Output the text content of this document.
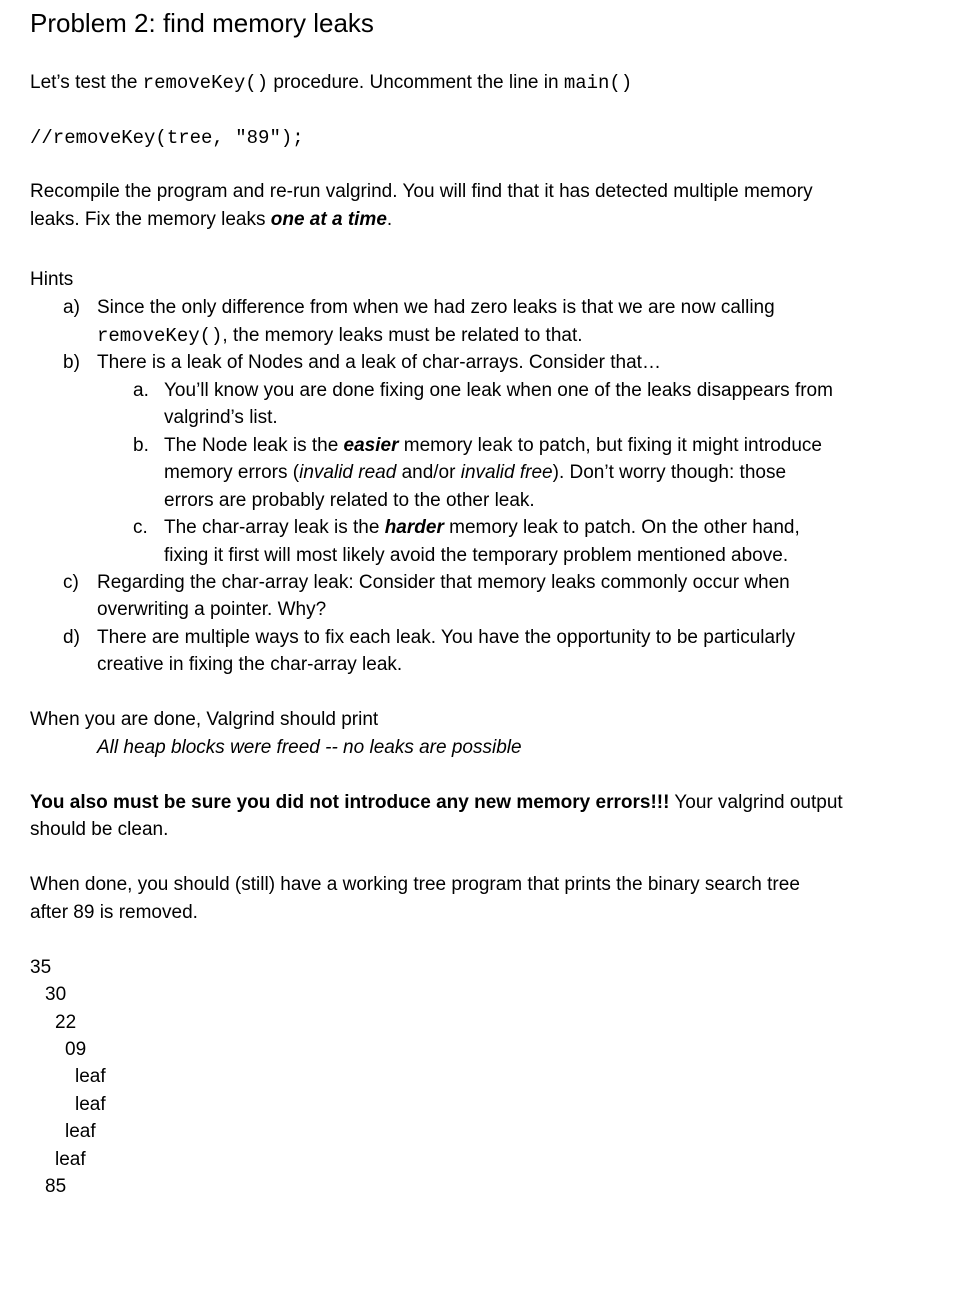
Problem 2: find memory leaks
Let’s test the removeKey() procedure. Uncomment the line in main()
//removeKey(tree, "89");
Recompile the program and re-run valgrind. You will find that it has detected multiple memory
leaks. Fix the memory leaks one at a time.
Hints
a) Since the only difference from when we had zero leaks is that we are now calling
removeKey(), the memory leaks must be related to that.
b) There is a leak of Nodes and a leak of char-arrays. Consider that…
a. You’ll know you are done fixing one leak when one of the leaks disappears from
valgrind’s list.
b. The Node leak is the easier memory leak to patch, but fixing it might introduce
memory errors (invalid read and/or invalid free). Don’t worry though: those
errors are probably related to the other leak.
c. The char-array leak is the harder memory leak to patch. On the other hand,
fixing it first will most likely avoid the temporary problem mentioned above.
c) Regarding the char-array leak: Consider that memory leaks commonly occur when
overwriting a pointer. Why?
d) There are multiple ways to fix each leak. You have the opportunity to be particularly
creative in fixing the char-array leak.
When you are done, Valgrind should print
All heap blocks were freed -- no leaks are possible
You also must be sure you did not introduce any new memory errors!!! Your valgrind output
should be clean.
When done, you should (still) have a working tree program that prints the binary search tree
after 89 is removed.
35
30
22
09
leaf
leaf
leaf
leaf
85
